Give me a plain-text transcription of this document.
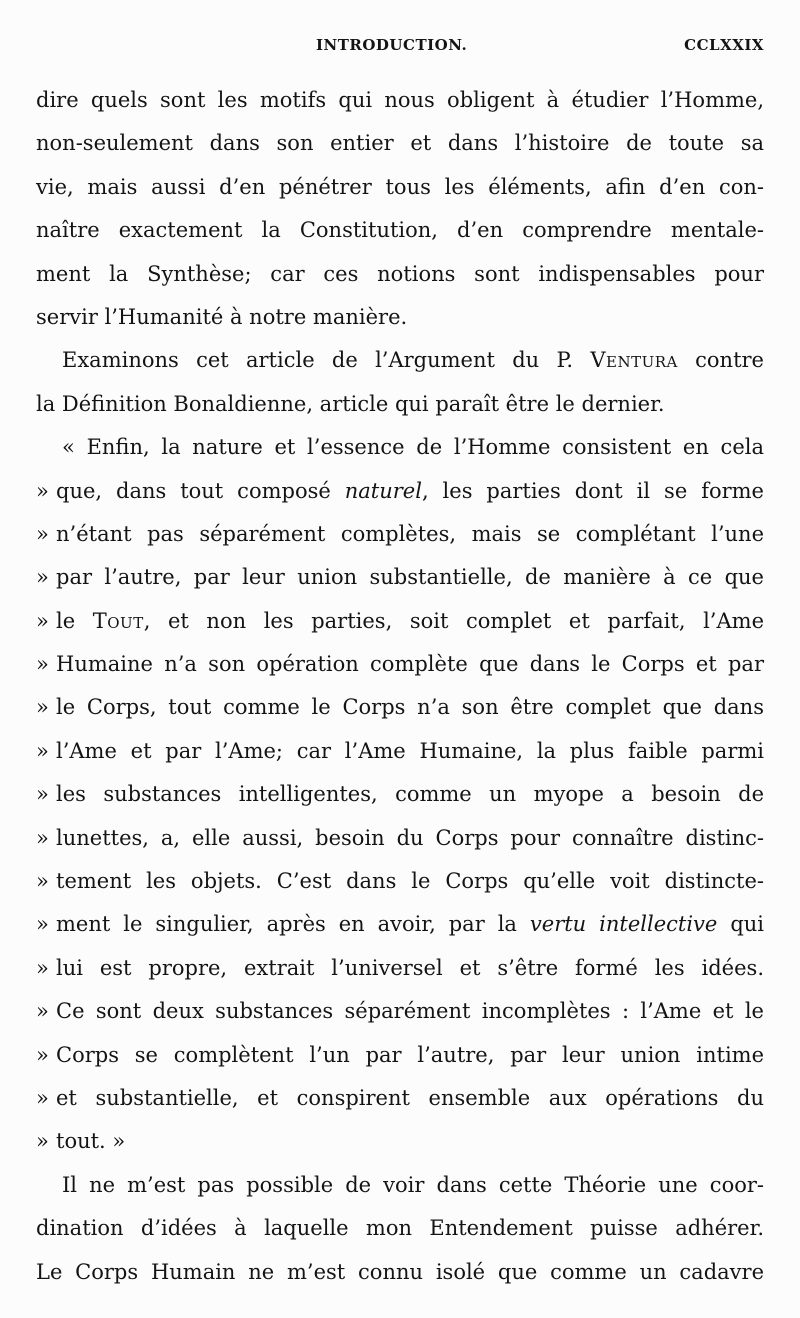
INTRODUCTION.	CCLXXIX
dire quels sont les motifs qui nous obligent à étudier l’Homme,
non-seulement dans son entier et dans l’histoire de toute sa
vie, mais aussi d’en pénétrer tous les éléments, afin d’en con-
naître exactement la Constitution, d’en comprendre mentale-
ment la Synthèse; car ces notions sont indispensables pour
servir l’Humanité à notre manière.
Examinons cet article de l’Argument du P. Ventura contre
la Définition Bonaldienne, article qui paraît être le dernier.
« Enfin, la nature et l’essence de l’Homme consistent en cela
» que, dans tout composé naturel, les parties dont il se forme
» n’étant pas séparément complètes, mais se complétant l’une
» par l’autre, par leur union substantielle, de manière à ce que
» le Tout, et non les parties, soit complet et parfait, l’Ame
» Humaine n’a son opération complète que dans le Corps et par
» le Corps, tout comme le Corps n’a son être complet que dans
» l’Ame et par l’Ame; car l’Ame Humaine, la plus faible parmi
» les substances intelligentes, comme un myope a besoin de
» lunettes, a, elle aussi, besoin du Corps pour connaître distinc-
» tement les objets. C’est dans le Corps qu’elle voit distincte-
» ment le singulier, après en avoir, par la vertu intellective qui
» lui est propre, extrait l’universel et s’être formé les idées.
» Ce sont deux substances séparément incomplètes : l’Ame et le
» Corps se complètent l’un par l’autre, par leur union intime
» et substantielle, et conspirent ensemble aux opérations du
» tout. »
Il ne m’est pas possible de voir dans cette Théorie une coor-
dination d’idées à laquelle mon Entendement puisse adhérer.
Le Corps Humain ne m’est connu isolé que comme un cadavre
